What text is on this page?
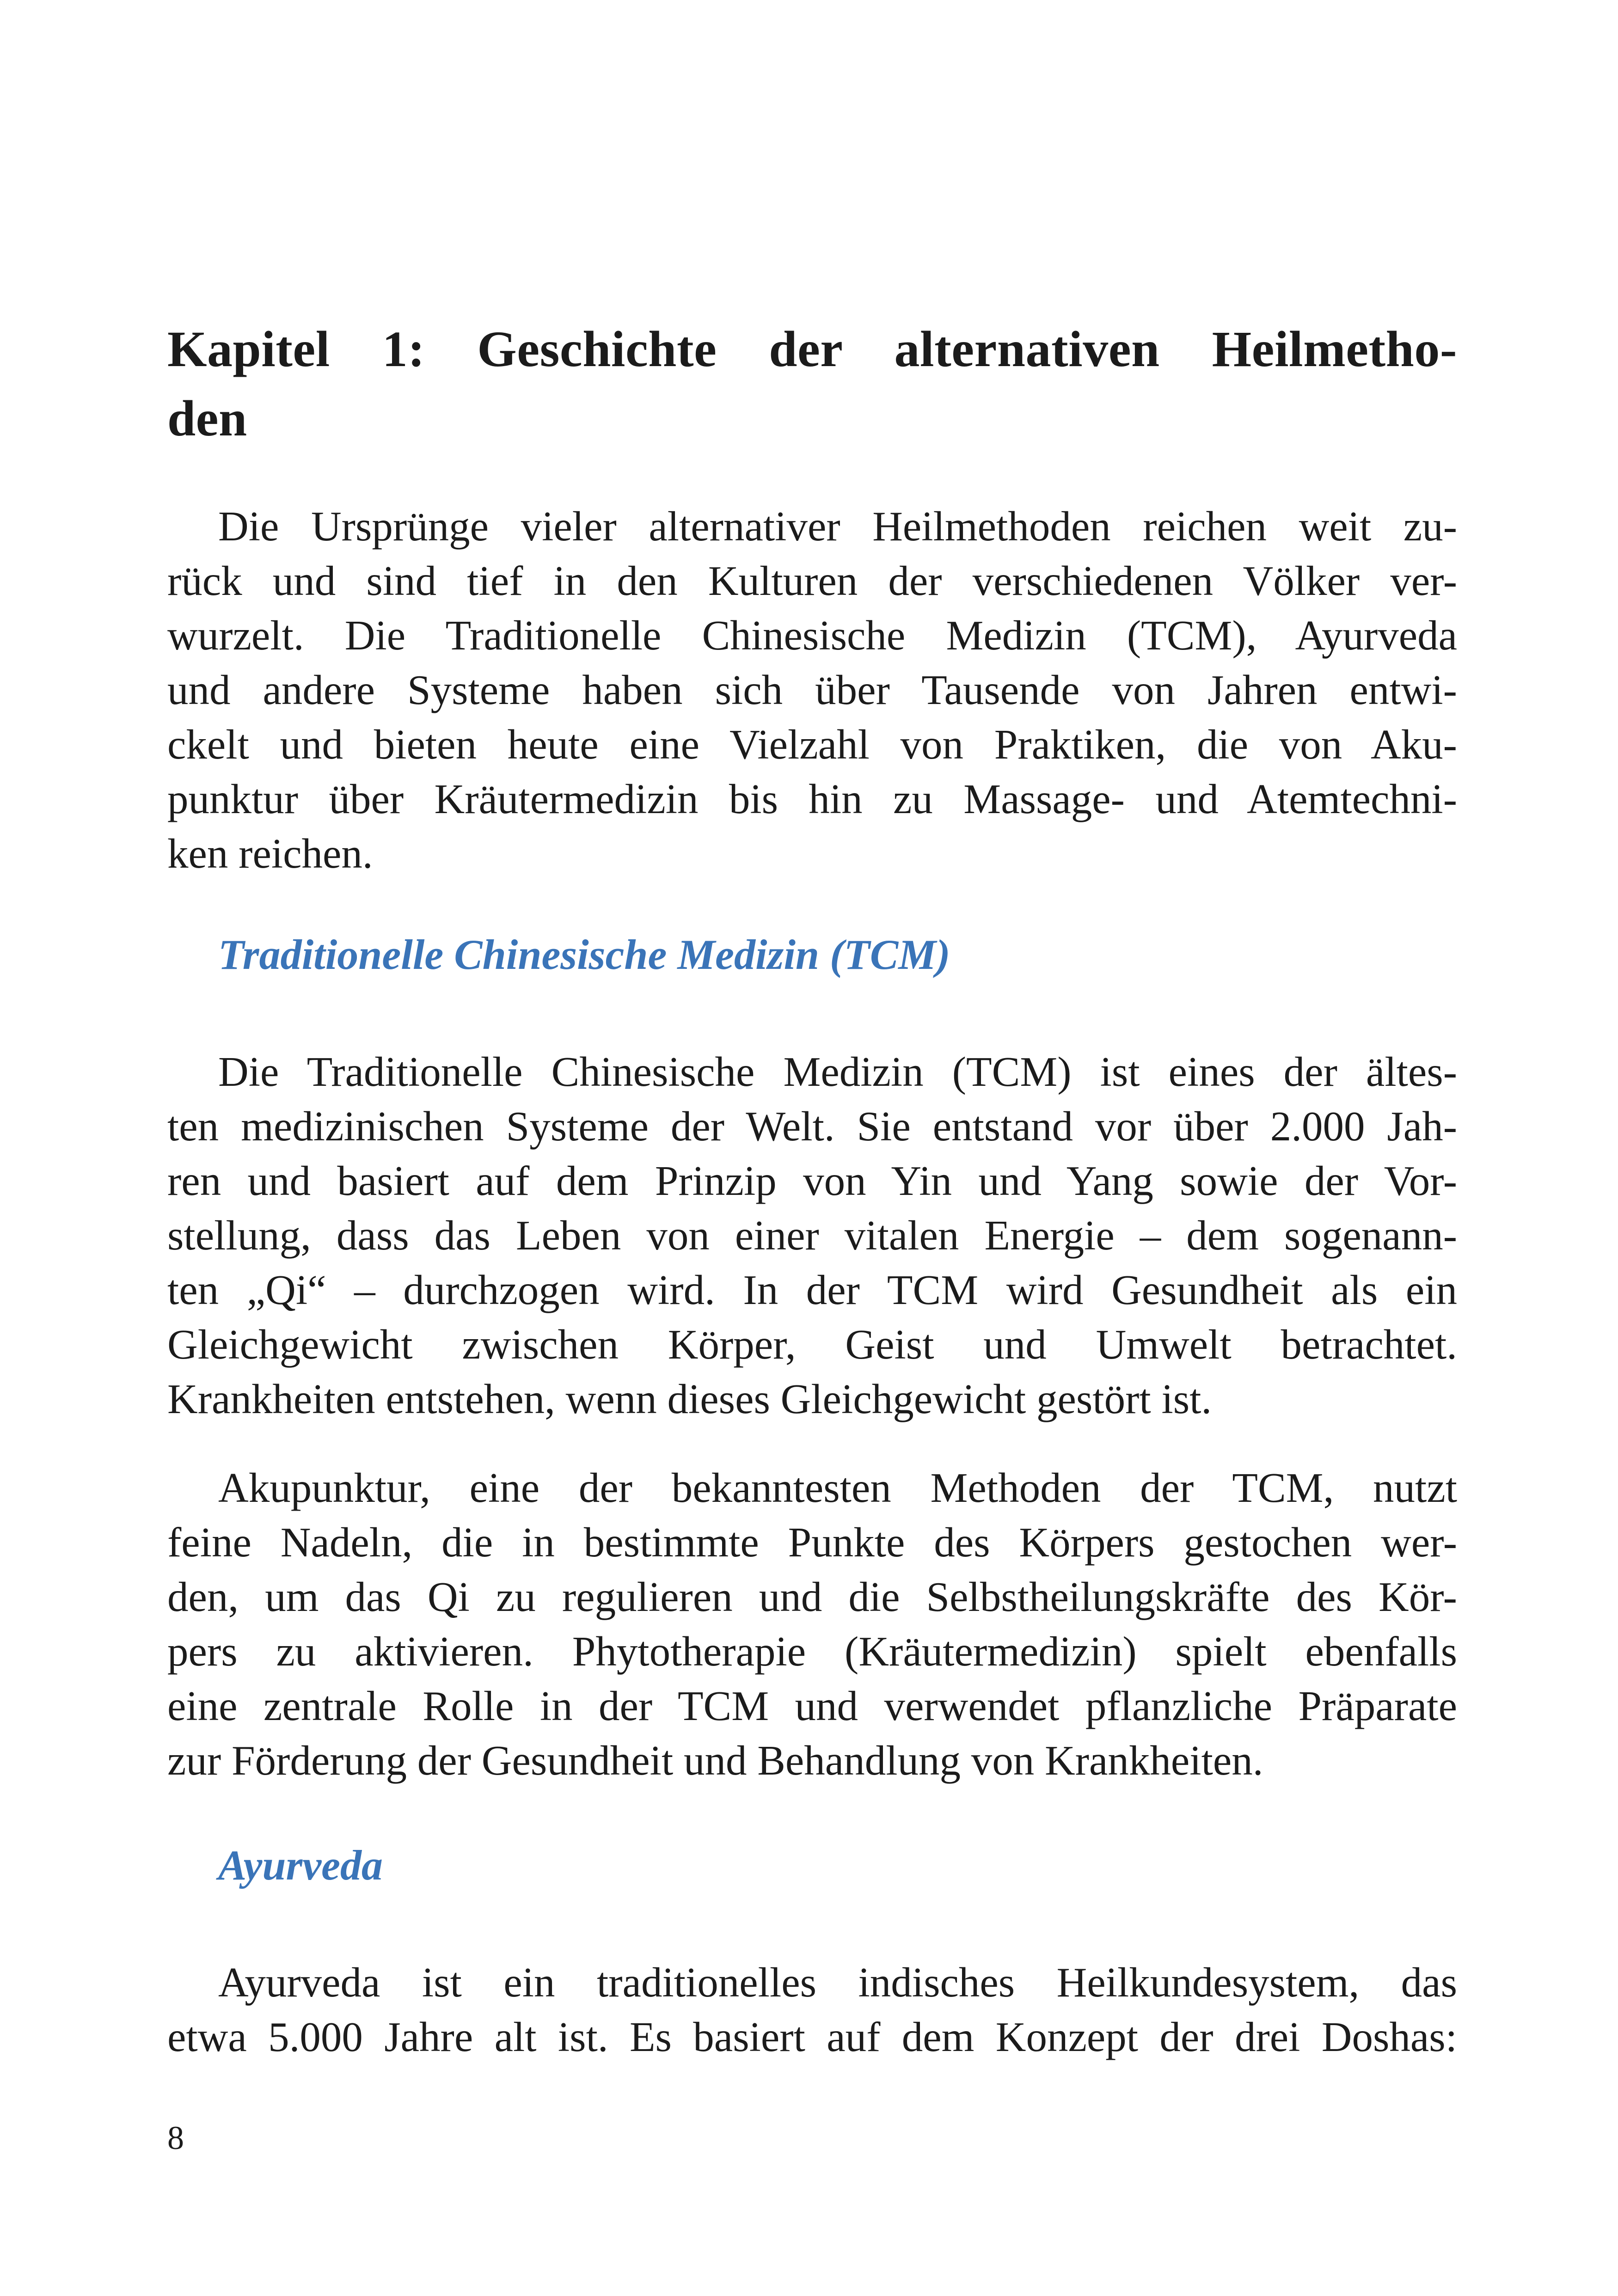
Kapitel 1: Geschichte der alternativen Heilmetho-
den
Die Ursprünge vieler alternativer Heilmethoden reichen weit zu-
rück und sind tief in den Kulturen der verschiedenen Völker ver-
wurzelt. Die Traditionelle Chinesische Medizin (TCM), Ayurveda
und andere Systeme haben sich über Tausende von Jahren entwi-
ckelt und bieten heute eine Vielzahl von Praktiken, die von Aku-
punktur über Kräutermedizin bis hin zu Massage- und Atemtechni-
ken reichen.
Traditionelle Chinesische Medizin (TCM)
Die Traditionelle Chinesische Medizin (TCM) ist eines der ältes-
ten medizinischen Systeme der Welt. Sie entstand vor über 2.000 Jah-
ren und basiert auf dem Prinzip von Yin und Yang sowie der Vor-
stellung, dass das Leben von einer vitalen Energie – dem sogenann-
ten „Qi“ – durchzogen wird. In der TCM wird Gesundheit als ein
Gleichgewicht zwischen Körper, Geist und Umwelt betrachtet.
Krankheiten entstehen, wenn dieses Gleichgewicht gestört ist.
Akupunktur, eine der bekanntesten Methoden der TCM, nutzt
feine Nadeln, die in bestimmte Punkte des Körpers gestochen wer-
den, um das Qi zu regulieren und die Selbstheilungskräfte des Kör-
pers zu aktivieren. Phytotherapie (Kräutermedizin) spielt ebenfalls
eine zentrale Rolle in der TCM und verwendet pflanzliche Präparate
zur Förderung der Gesundheit und Behandlung von Krankheiten.
Ayurveda
Ayurveda ist ein traditionelles indisches Heilkundesystem, das
etwa 5.000 Jahre alt ist. Es basiert auf dem Konzept der drei Doshas:
8
